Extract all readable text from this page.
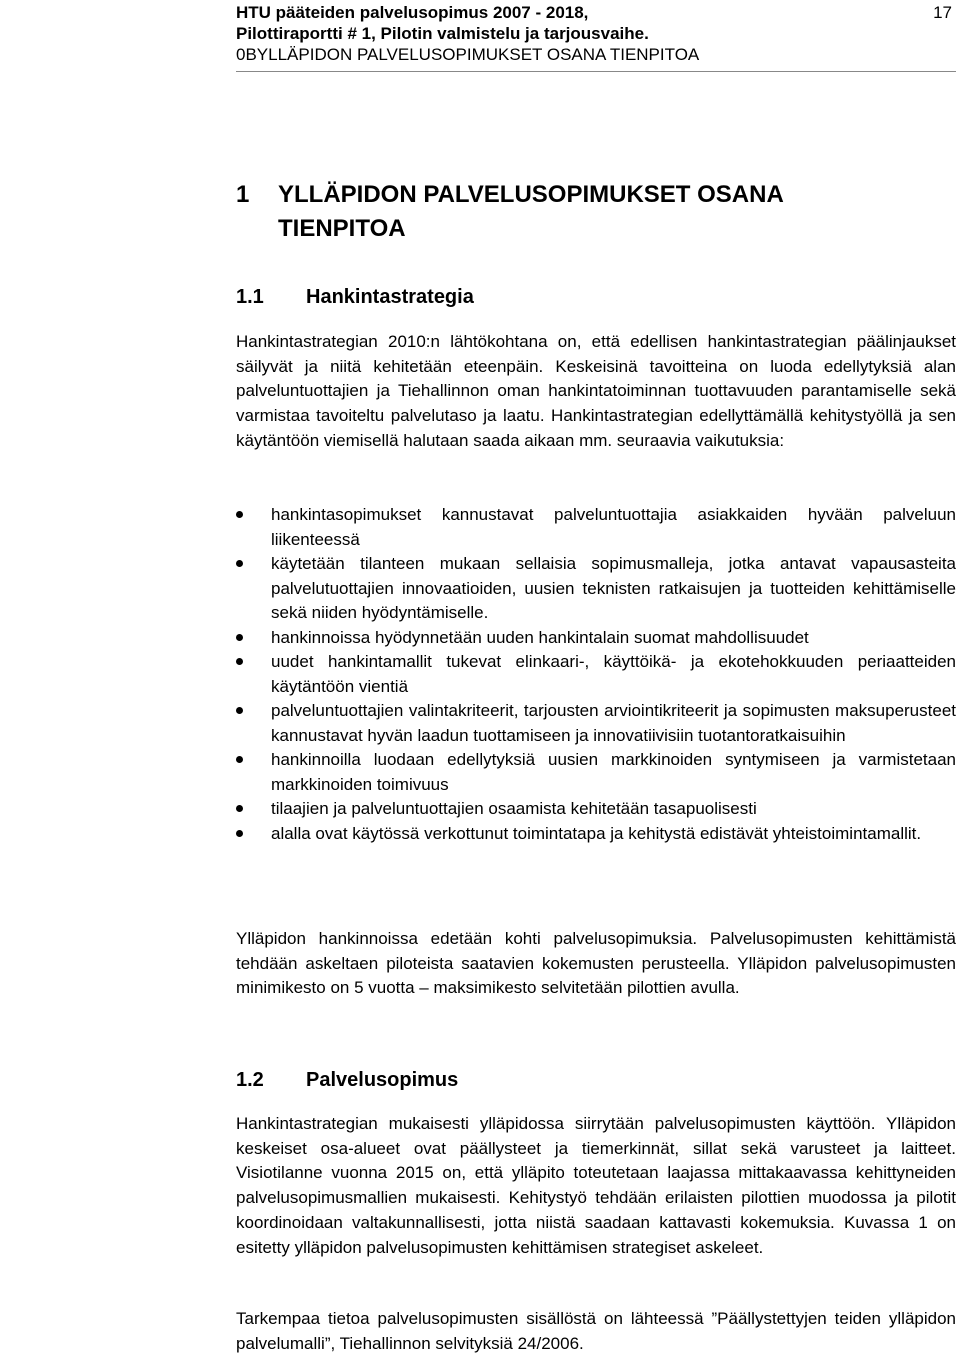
HTU pääteiden palvelusopimus 2007 - 2018,
Pilottiraportti # 1, Pilotin valmistelu ja tarjousvaihe.
0BYLLÄPIDON PALVELUSOPIMUKSET OSANA TIENPITOA
17
1 YLLÄPIDON PALVELUSOPIMUKSET OSANA TIENPITOA
1.1 Hankintastrategia

Hankintastrategian 2010:n lähtökohtana on, että edellisen hankintastrategian päälinjaukset säilyvät ja niitä kehitetään eteenpäin. Keskeisinä tavoitteina on luoda edellytyksiä alan palveluntuottajien ja Tiehallinnon oman hankintatoiminnan tuottavuuden parantamiselle sekä varmistaa tavoiteltu palvelutaso ja laatu. Hankintastrategian edellyttämällä kehitystyöllä ja sen käytäntöön viemisellä halutaan saada aikaan mm. seuraavia vaikutuksia:

hankintasopimukset kannustavat palveluntuottajia asiakkaiden hyvään palveluun liikenteessä
käytetään tilanteen mukaan sellaisia sopimusmalleja, jotka antavat vapausasteita palvelutuottajien innovaatioiden, uusien teknisten ratkaisujen ja tuotteiden kehittämiselle sekä niiden hyödyntämiselle.
hankinnoissa hyödynnetään uuden hankintalain suomat mahdollisuudet
uudet hankintamallit tukevat elinkaari-, käyttöikä- ja ekotehokkuuden periaatteiden käytäntöön vientiä
palveluntuottajien valintakriteerit, tarjousten arviointikriteerit ja sopimusten maksuperusteet kannustavat hyvän laadun tuottamiseen ja innovatiivisiin tuotantoratkaisuihin
hankinnoilla luodaan edellytyksiä uusien markkinoiden syntymiseen ja varmistetaan markkinoiden toimivuus
tilaajien ja palveluntuottajien osaamista kehitetään tasapuolisesti
alalla ovat käytössä verkottunut toimintatapa ja kehitystä edistävät yhteistoimintamallit.

Ylläpidon hankinnoissa edetään kohti palvelusopimuksia. Palvelusopimusten kehittämistä tehdään askeltaen piloteista saatavien kokemusten perusteella. Ylläpidon palvelusopimusten minimikesto on 5 vuotta – maksimikesto selvitetään pilottien avulla.

1.2 Palvelusopimus

Hankintastrategian mukaisesti ylläpidossa siirrytään palvelusopimusten käyttöön. Ylläpidon keskeiset osa-alueet ovat päällysteet ja tiemerkinnät, sillat sekä varusteet ja laitteet. Visiotilanne vuonna 2015 on, että ylläpito toteutetaan laajassa mittakaavassa kehittyneiden palvelusopimusmallien mukaisesti. Kehitystyö tehdään erilaisten pilottien muodossa ja pilotit koordinoidaan valtakunnallisesti, jotta niistä saadaan kattavasti kokemuksia. Kuvassa 1 on esitetty ylläpidon palvelusopimusten kehittämisen strategiset askeleet.

Tarkempaa tietoa palvelusopimusten sisällöstä on lähteessä ”Päällystettyjen teiden ylläpidon palvelumalli”, Tiehallinnon selvityksiä 24/2006.
